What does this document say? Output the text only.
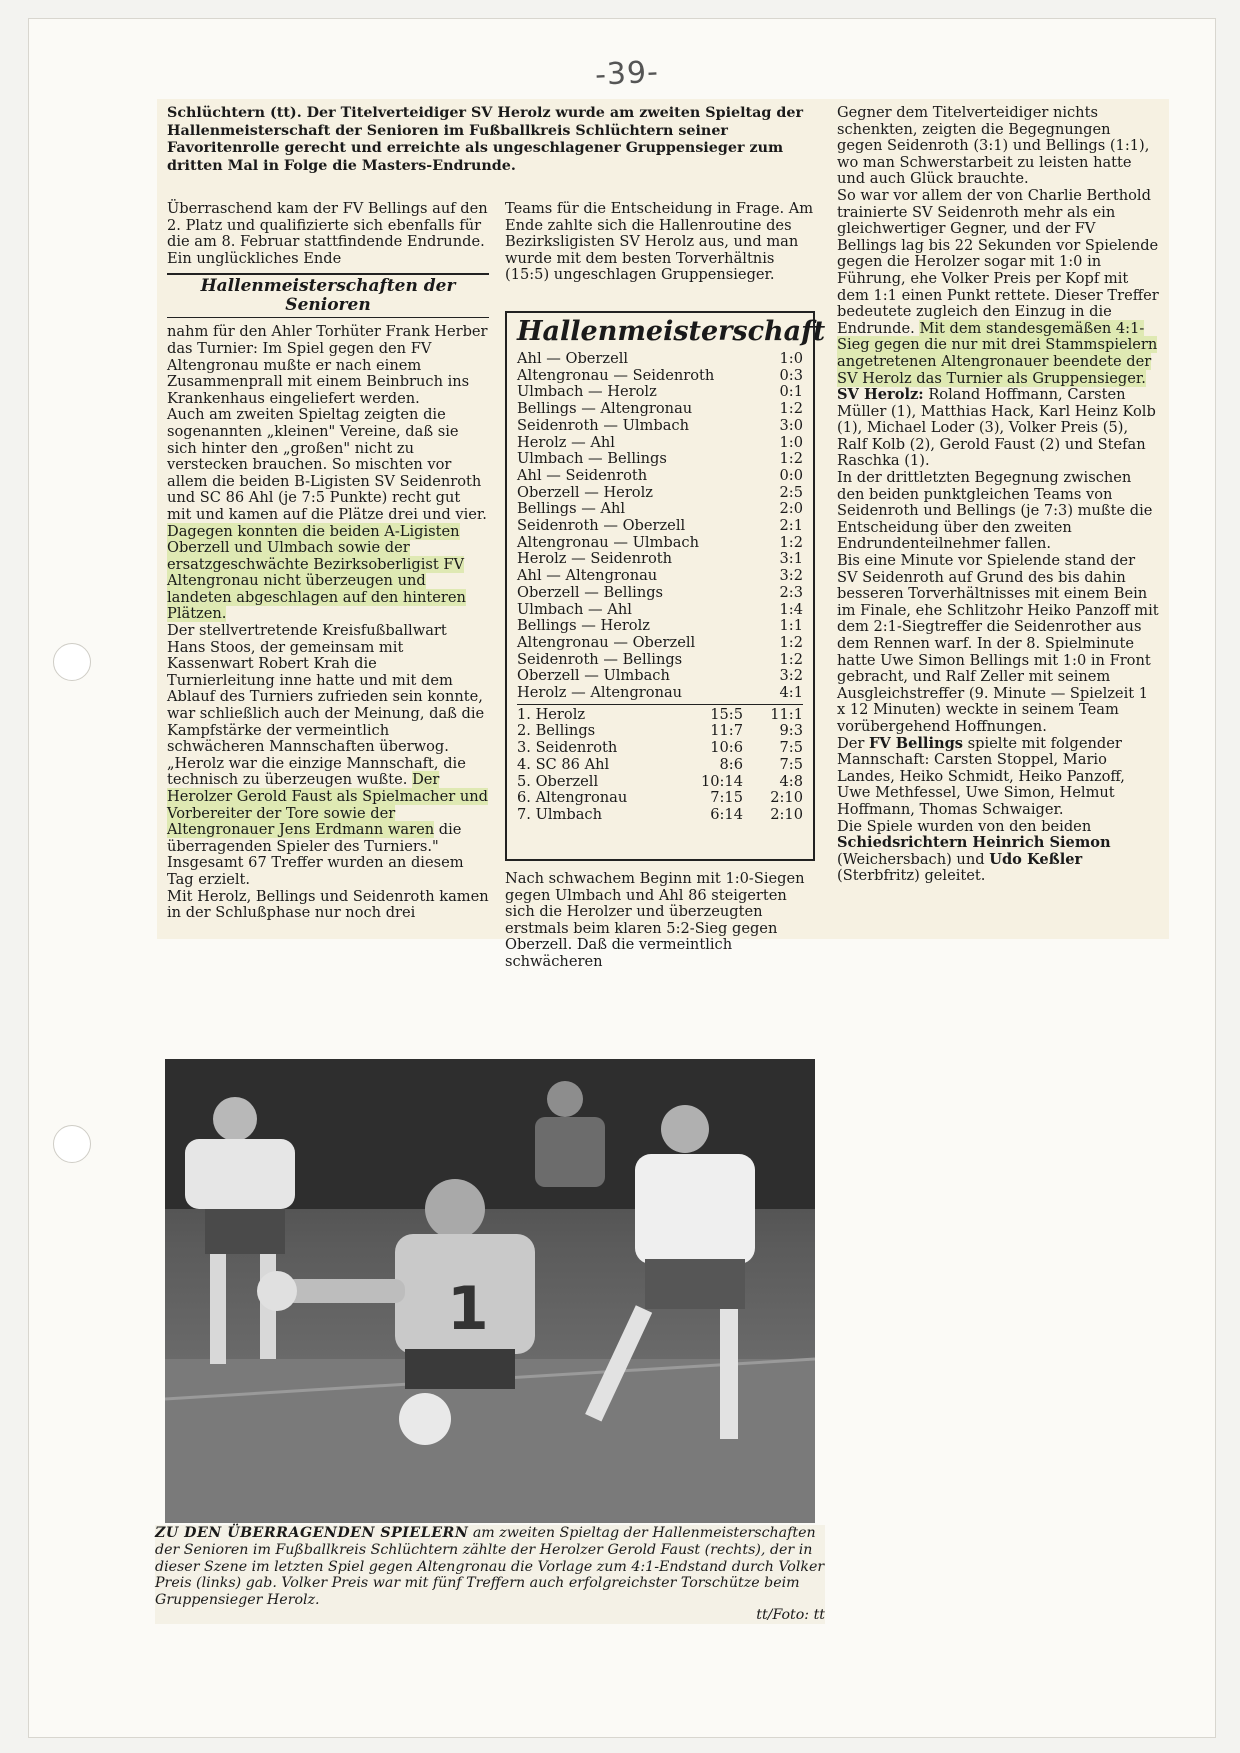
-39-
Schlüchtern (tt). Der Titelverteidiger SV Herolz wurde am zweiten Spieltag der Hallenmeisterschaft der Senioren im Fußballkreis Schlüchtern seiner Favoritenrolle gerecht und erreichte als ungeschlagener Gruppensieger zum dritten Mal in Folge die Masters-Endrunde.

Überraschend kam der FV Bellings auf den 2. Platz und qualifizierte sich ebenfalls für die am 8. Februar stattfindende Endrunde. Ein unglückliches Ende

Hallenmeisterschaften der Senioren

nahm für den Ahler Torhüter Frank Herber das Turnier: Im Spiel gegen den FV Altengronau mußte er nach einem Zusammenprall mit einem Beinbruch ins Krankenhaus eingeliefert werden.

Auch am zweiten Spieltag zeigten die sogenannten „kleinen" Vereine, daß sie sich hinter den „großen" nicht zu verstecken brauchen. So mischten vor allem die beiden B-Ligisten SV Seidenroth und SC 86 Ahl (je 7:5 Punkte) recht gut mit und kamen auf die Plätze drei und vier. Dagegen konnten die beiden A-Ligisten Oberzell und Ulmbach sowie der ersatzgeschwächte Bezirksoberligist FV Altengronau nicht überzeugen und landeten abgeschlagen auf den hinteren Plätzen.

Der stellvertretende Kreisfußballwart Hans Stoos, der gemeinsam mit Kassenwart Robert Krah die Turnierleitung inne hatte und mit dem Ablauf des Turniers zufrieden sein konnte, war schließlich auch der Meinung, daß die Kampfstärke der vermeintlich schwächeren Mannschaften überwog. „Herolz war die einzige Mannschaft, die technisch zu überzeugen wußte. Der Herolzer Gerold Faust als Spielmacher und Vorbereiter der Tore sowie der Altengronauer Jens Erdmann waren die überragenden Spieler des Turniers." Insgesamt 67 Treffer wurden an diesem Tag erzielt.

Mit Herolz, Bellings und Seidenroth kamen in der Schlußphase nur noch drei

Teams für die Entscheidung in Frage. Am Ende zahlte sich die Hallenroutine des Bezirksligisten SV Herolz aus, und man wurde mit dem besten Torverhältnis (15:5) ungeschlagen Gruppensieger.

Hallenmeisterschaft
Ahl — Oberzell	1:0
Altengronau — Seidenroth	0:3
Ulmbach — Herolz	0:1
Bellings — Altengronau	1:2
Seidenroth — Ulmbach	3:0
Herolz — Ahl	1:0
Ulmbach — Bellings	1:2
Ahl — Seidenroth	0:0
Oberzell — Herolz	2:5
Bellings — Ahl	2:0
Seidenroth — Oberzell	2:1
Altengronau — Ulmbach	1:2
Herolz — Seidenroth	3:1
Ahl — Altengronau	3:2
Oberzell — Bellings	2:3
Ulmbach — Ahl	1:4
Bellings — Herolz	1:1
Altengronau — Oberzell	1:2
Seidenroth — Bellings	1:2
Oberzell — Ulmbach	3:2
Herolz — Altengronau	4:1
1. Herolz	15:5	11:1
2. Bellings	11:7	9:3
3. Seidenroth	10:6	7:5
4. SC 86 Ahl	8:6	7:5
5. Oberzell	10:14	4:8
6. Altengronau	7:15	2:10
7. Ulmbach	6:14	2:10

Nach schwachem Beginn mit 1:0-Siegen gegen Ulmbach und Ahl 86 steigerten sich die Herolzer und überzeugten erstmals beim klaren 5:2-Sieg gegen Oberzell. Daß die vermeintlich schwächeren

Gegner dem Titelverteidiger nichts schenkten, zeigten die Begegnungen gegen Seidenroth (3:1) und Bellings (1:1), wo man Schwerstarbeit zu leisten hatte und auch Glück brauchte.

So war vor allem der von Charlie Berthold trainierte SV Seidenroth mehr als ein gleichwertiger Gegner, und der FV Bellings lag bis 22 Sekunden vor Spielende gegen die Herolzer sogar mit 1:0 in Führung, ehe Volker Preis per Kopf mit dem 1:1 einen Punkt rettete. Dieser Treffer bedeutete zugleich den Einzug in die Endrunde. Mit dem standesgemäßen 4:1-Sieg gegen die nur mit drei Stammspielern angetretenen Altengronauer beendete der SV Herolz das Turnier als Gruppensieger.

SV Herolz: Roland Hoffmann, Carsten Müller (1), Matthias Hack, Karl Heinz Kolb (1), Michael Loder (3), Volker Preis (5), Ralf Kolb (2), Gerold Faust (2) und Stefan Raschka (1).

In der drittletzten Begegnung zwischen den beiden punktgleichen Teams von Seidenroth und Bellings (je 7:3) mußte die Entscheidung über den zweiten Endrundenteilnehmer fallen.

Bis eine Minute vor Spielende stand der SV Seidenroth auf Grund des bis dahin besseren Torverhältnisses mit einem Bein im Finale, ehe Schlitzohr Heiko Panzoff mit dem 2:1-Siegtreffer die Seidenrother aus dem Rennen warf. In der 8. Spielminute hatte Uwe Simon Bellings mit 1:0 in Front gebracht, und Ralf Zeller mit seinem Ausgleichstreffer (9. Minute — Spielzeit 1 x 12 Minuten) weckte in seinem Team vorübergehend Hoffnungen.

Der FV Bellings spielte mit folgender Mannschaft: Carsten Stoppel, Mario Landes, Heiko Schmidt, Heiko Panzoff, Uwe Methfessel, Uwe Simon, Helmut Hoffmann, Thomas Schwaiger.

Die Spiele wurden von den beiden Schiedsrichtern Heinrich Siemon (Weichersbach) und Udo Keßler (Sterbfritz) geleitet.

1
ZU DEN ÜBERRAGENDEN SPIELERN am zweiten Spieltag der Hallenmeisterschaften der Senioren im Fußballkreis Schlüchtern zählte der Herolzer Gerold Faust (rechts), der in dieser Szene im letzten Spiel gegen Altengronau die Vorlage zum 4:1-Endstand durch Volker Preis (links) gab. Volker Preis war mit fünf Treffern auch erfolgreichster Torschütze beim Gruppensieger Herolz.
tt/Foto: tt
